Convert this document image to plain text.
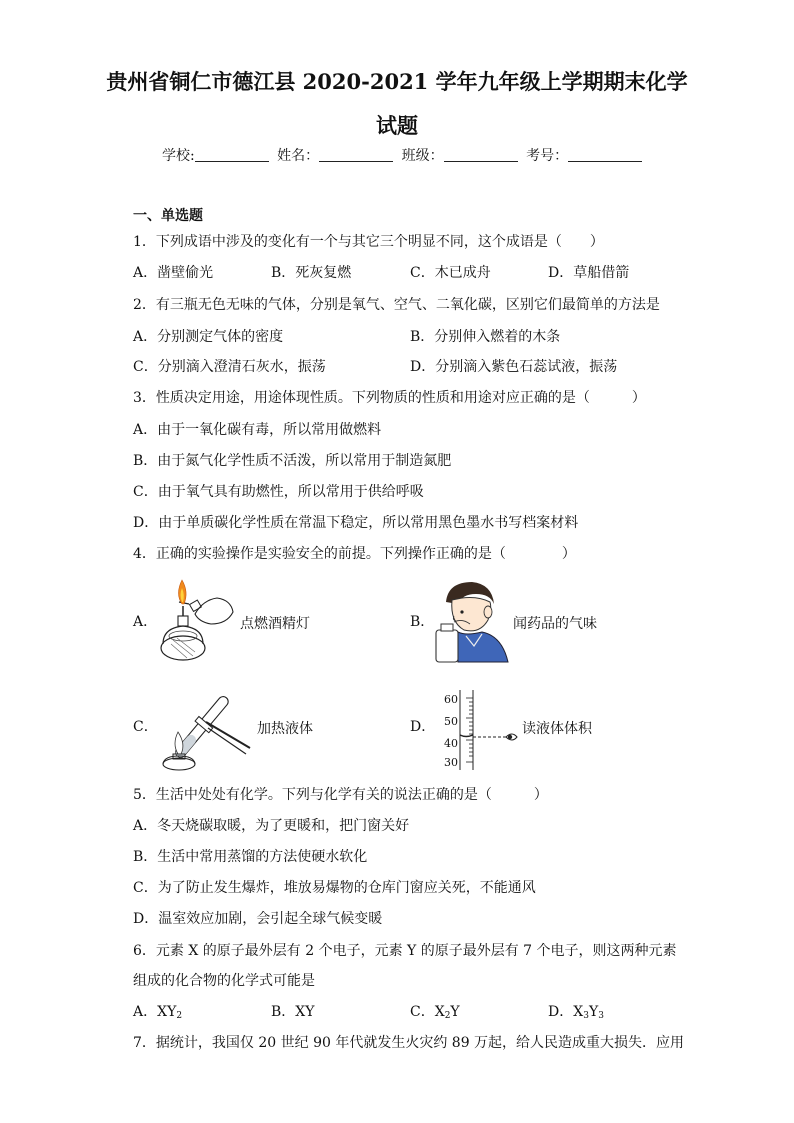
贵州省铜仁市德江县 2020-2021 学年九年级上学期期末化学
试题
学校:	姓名：	班级：	考号：
一、单选题
1．下列成语中涉及的变化有一个与其它三个明显不同，这个成语是（　　）
A．凿壁偷光	B．死灰复燃	C．木已成舟	D．草船借箭
2．有三瓶无色无味的气体，分别是氧气、空气、二氧化碳，区别它们最简单的方法是
A．分别测定气体的密度	B．分别伸入燃着的木条
C．分别滴入澄清石灰水，振荡	D．分别滴入紫色石蕊试液，振荡
3．性质决定用途，用途体现性质。下列物质的性质和用途对应正确的是（　　　）
A．由于一氧化碳有毒，所以常用做燃料
B．由于氮气化学性质不活泼，所以常用于制造氮肥
C．由于氧气具有助燃性，所以常用于供给呼吸
D．由于单质碳化学性质在常温下稳定，所以常用黑色墨水书写档案材料
4．正确的实验操作是实验安全的前提。下列操作正确的是（　　　　）
A．	点燃酒精灯	B．	闻药品的气味
C．	加热液体	D．
60
50
40
30
读液体体积
5．生活中处处有化学。下列与化学有关的说法正确的是（　　　）
A．冬天烧碳取暖，为了更暖和，把门窗关好
B．生活中常用蒸馏的方法使硬水软化
C．为了防止发生爆炸，堆放易爆物的仓库门窗应关死，不能通风
D．温室效应加剧，会引起全球气候变暖
6．元素 X 的原子最外层有 2 个电子，元素 Y 的原子最外层有 7 个电子，则这两种元素
组成的化合物的化学式可能是
A．$XY_2$	B．XY	C．$X_2Y$	D．$X_3Y_3$
7．据统计，我国仅 20 世纪 90 年代就发生火灾约 89 万起，给人民造成重大损失．应用
